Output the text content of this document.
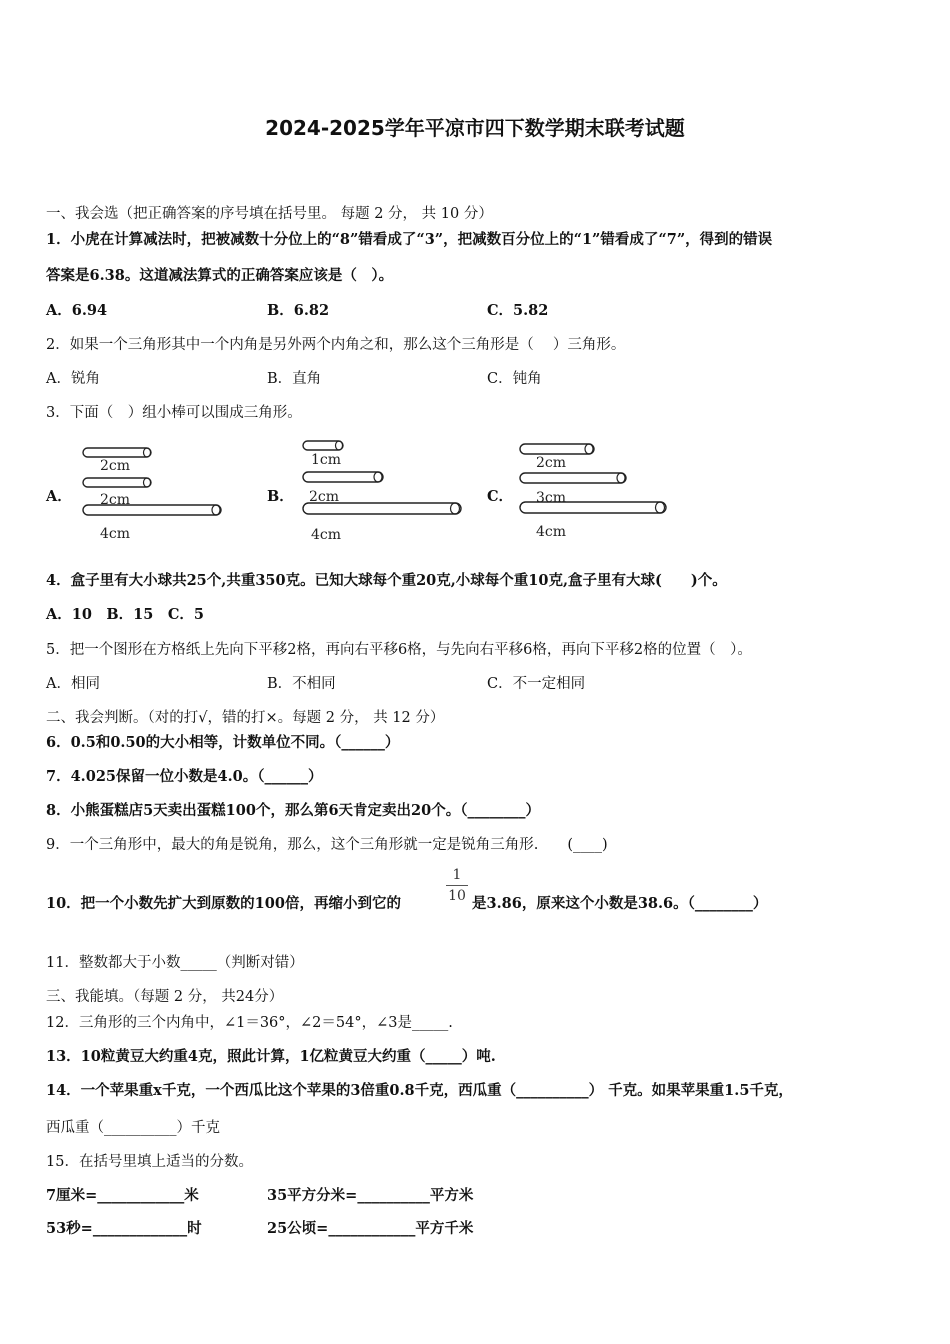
2024-2025学年平凉市四下数学期末联考试题
一、我会选（把正确答案的序号填在括号里。 每题 2 分， 共 10 分）
1．小虎在计算减法时，把被减数十分位上的“8”错看成了“3”，把减数百分位上的“1”错看成了“7”，得到的错误
答案是6.38。这道减法算式的正确答案应该是（　）。
A．6.94	B．6.82	C．5.82
2．如果一个三角形其中一个内角是另外两个内角之和，那么这个三角形是（　 ）三角形。
A．锐角	B．直角	C．钝角
3．下面（　）组小棒可以围成三角形。
A．	B．	C．
2cm
2cm
4cm
1cm
2cm
4cm
2cm
3cm
4cm
4．盒子里有大小球共25个,共重350克。已知大球每个重20克,小球每个重10克,盒子里有大球(　　)个。
A．10　B．15　C．5
5．把一个图形在方格纸上先向下平移2格，再向右平移6格，与先向右平移6格，再向下平移2格的位置（　）。
A．相同	B．不相同	C．不一定相同
二、我会判断。（对的打√，错的打×。每题 2 分， 共 12 分）
6．0.5和0.50的大小相等，计数单位不同。（______）
7．4.025保留一位小数是4.0。（______）
8．小熊蛋糕店5天卖出蛋糕100个，那么第6天肯定卖出20个。（________）
9．一个三角形中，最大的角是锐角，那么，这个三角形就一定是锐角三角形.　　(____)
10．把一个小数先扩大到原数的100倍，再缩小到它的
1
10 是3.86，原来这个小数是38.6。（________）
11．整数都大于小数_____（判断对错）
三、我能填。（每题 2 分， 共24分）
12．三角形的三个内角中，∠1＝36°，∠2＝54°，∠3是_____.
13．10粒黄豆大约重4克，照此计算，1亿粒黄豆大约重（_____）吨.
14．一个苹果重x千克，一个西瓜比这个苹果的3倍重0.8千克，西瓜重（__________） 千克。如果苹果重1.5千克，
西瓜重（__________）千克
15．在括号里填上适当的分数。
7厘米=____________米	35平方分米=__________平方米
53秒=_____________时	25公顷=____________平方千米
